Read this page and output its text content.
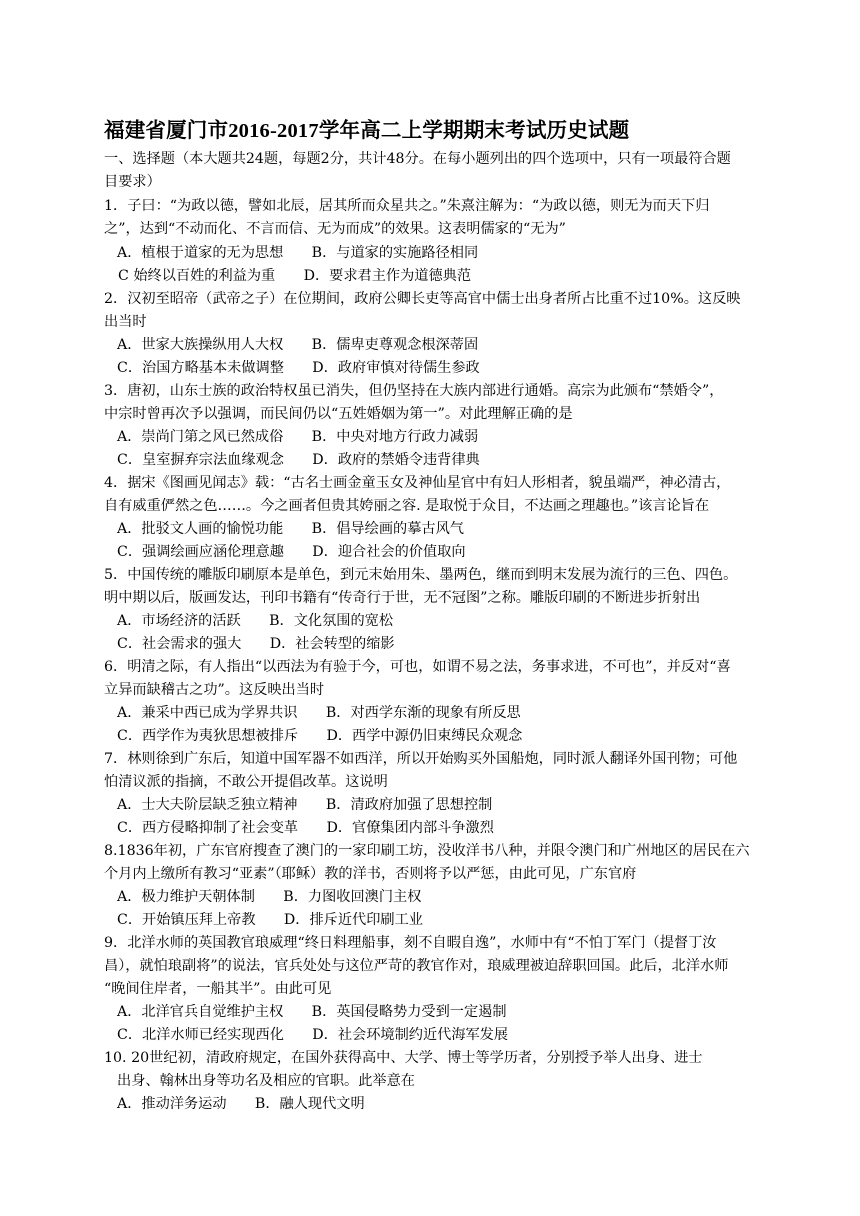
福建省厦门市2016-2017学年高二上学期期末考试历史试题
一、选择题（本大题共24题，每题2分，共计48分。在每小题列出的四个选项中，只有一项最符合题
目要求）
1．子曰：“为政以德，譬如北辰，居其所而众星共之。”朱熹注解为：“为政以德，则无为而天下归
之”，达到“不动而化、不言而信、无为而成”的效果。这表明儒家的“无为”
A．植根于道家的无为思想　　B．与道家的实施路径相同
C 始终以百姓的利益为重　　D．要求君主作为道德典范
2．汉初至昭帝（武帝之子）在位期间，政府公卿长吏等高官中儒士出身者所占比重不过10%。这反映
出当时
A．世家大族操纵用人大权　　B．儒卑吏尊观念根深蒂固
C．治国方略基本未做调整　　D．政府审慎对待儒生参政
3．唐初，山东士族的政治特权虽已消失，但仍坚持在大族内部进行通婚。高宗为此颁布“禁婚令”，
中宗时曾再次予以强调，而民间仍以“五姓婚姻为第一”。对此理解正确的是
A．崇尚门第之风已然成俗　　B．中央对地方行政力减弱
C．皇室摒弃宗法血缘观念　　D．政府的禁婚令违背律典
4．据宋《图画见闻志》载：“古名士画金童玉女及神仙星官中有妇人形相者，貌虽端严，神必清古，
自有威重俨然之色……。今之画者但贵其姱丽之容. 是取悦于众目，不达画之理趣也。”该言论旨在
A．批驳文人画的愉悦功能　　B．倡导绘画的摹古风气
C．强调绘画应涵伦理意趣　　D．迎合社会的价值取向
5．中国传统的雕版印刷原本是单色，到元末始用朱、墨两色，继而到明末发展为流行的三色、四色。
明中期以后，版画发达，刊印书籍有“传奇行于世，无不冠图”之称。雕版印刷的不断进步折射出
A．市场经济的活跃　　B．文化氛围的宽松
C．社会需求的强大　　D．社会转型的缩影
6．明清之际，有人指出“以西法为有验于今，可也，如谓不易之法，务事求进，不可也”，并反对“喜
立异而缺稽古之功”。这反映出当时
A．兼采中西已成为学界共识　　B．对西学东渐的现象有所反思
C．西学作为夷狄思想被排斥　　D．西学中源仍旧束缚民众观念
7．林则徐到广东后，知道中国军器不如西洋，所以开始购买外国船炮，同时派人翻译外国刊物；可他
怕清议派的指摘，不敢公开提倡改革。这说明
A．士大夫阶层缺乏独立精神　　B．清政府加强了思想控制
C．西方侵略抑制了社会变革　　D．官僚集团内部斗争激烈
8.1836年初，广东官府搜查了澳门的一家印刷工坊，没收洋书八种，并限令澳门和广州地区的居民在六
个月内上缴所有教习“亚素”（耶稣）教的洋书，否则将予以严惩，由此可见，广东官府
A．极力维护天朝体制　　B．力图收回澳门主权
C．开始镇压拜上帝教　　D．排斥近代印刷工业
9．北洋水师的英国教官琅威理“终日料理船事，刻不自暇自逸”，水师中有“不怕丁军门（提督丁汝
昌），就怕琅副将”的说法，官兵处处与这位严苛的教官作对，琅威理被迫辞职回国。此后，北洋水师
“晚间住岸者，一船其半”。由此可见
A．北洋官兵自觉维护主权　　B．英国侵略势力受到一定遏制
C．北洋水师已经实现西化　　D．社会环境制约近代海军发展
10. 20世纪初，清政府规定，在国外获得高中、大学、博士等学历者，分别授予举人出身、进士
出身、翰林出身等功名及相应的官职。此举意在
A．推动洋务运动　　B．融人现代文明
